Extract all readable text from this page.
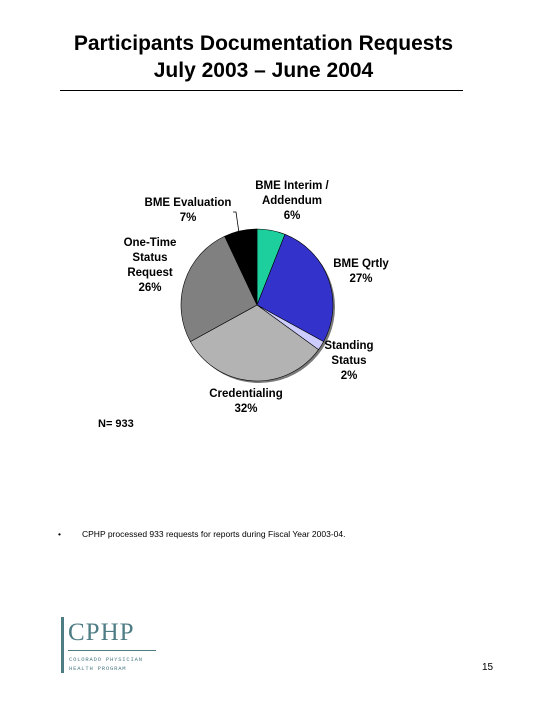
Participants Documentation Requests
July 2003 – June 2004
BME Interim / Addendum 6%
BME Qrtly 27%
Standing Status 2%
Credentialing 32%
One-Time Status Request 26%
BME Evaluation 7%
N= 933
• CPHP processed 933 requests for reports during Fiscal Year 2003-04.
CPHP
COLORADO PHYSICIAN
HEALTH PROGRAM	15
